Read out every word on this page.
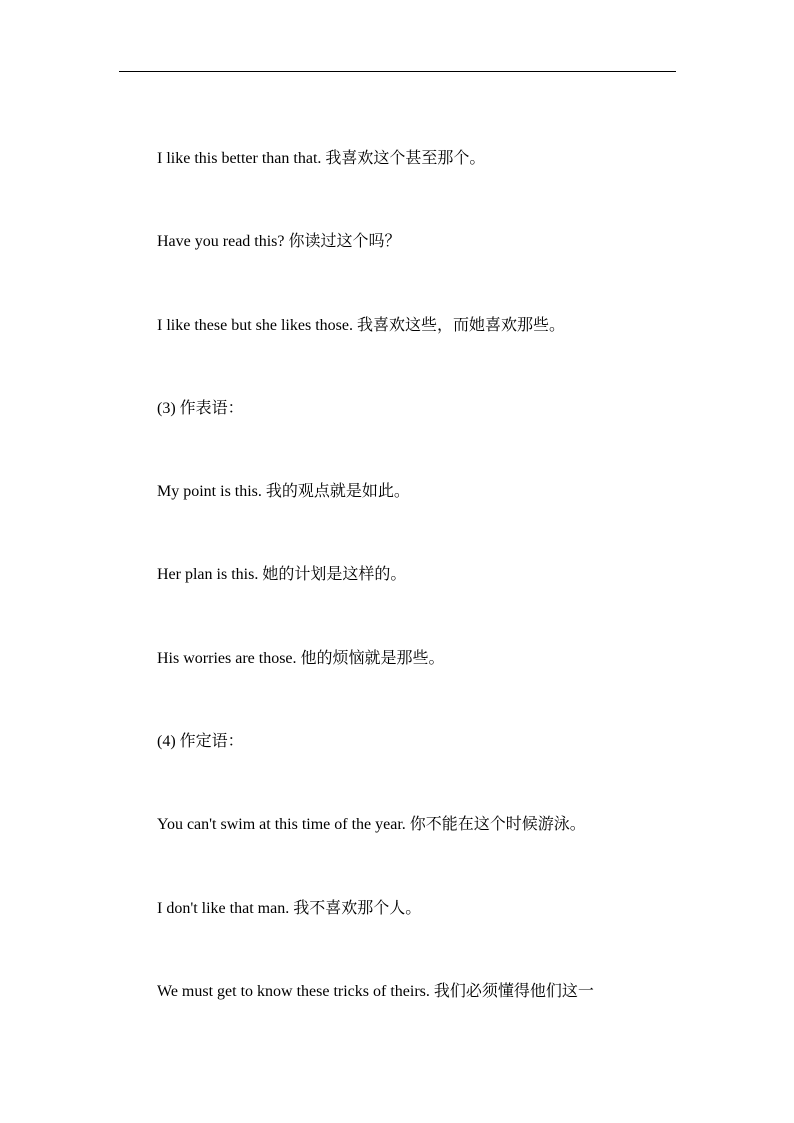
I like this better than that. 我喜欢这个甚至那个。
Have you read this? 你读过这个吗？
I like these but she likes those. 我喜欢这些，而她喜欢那些。
(3) 作表语：
My point is this. 我的观点就是如此。
Her plan is this. 她的计划是这样的。
His worries are those. 他的烦恼就是那些。
(4) 作定语：
You can't swim at this time of the year. 你不能在这个时候游泳。
I don't like that man. 我不喜欢那个人。
We must get to know these tricks of theirs. 我们必须懂得他们这一
